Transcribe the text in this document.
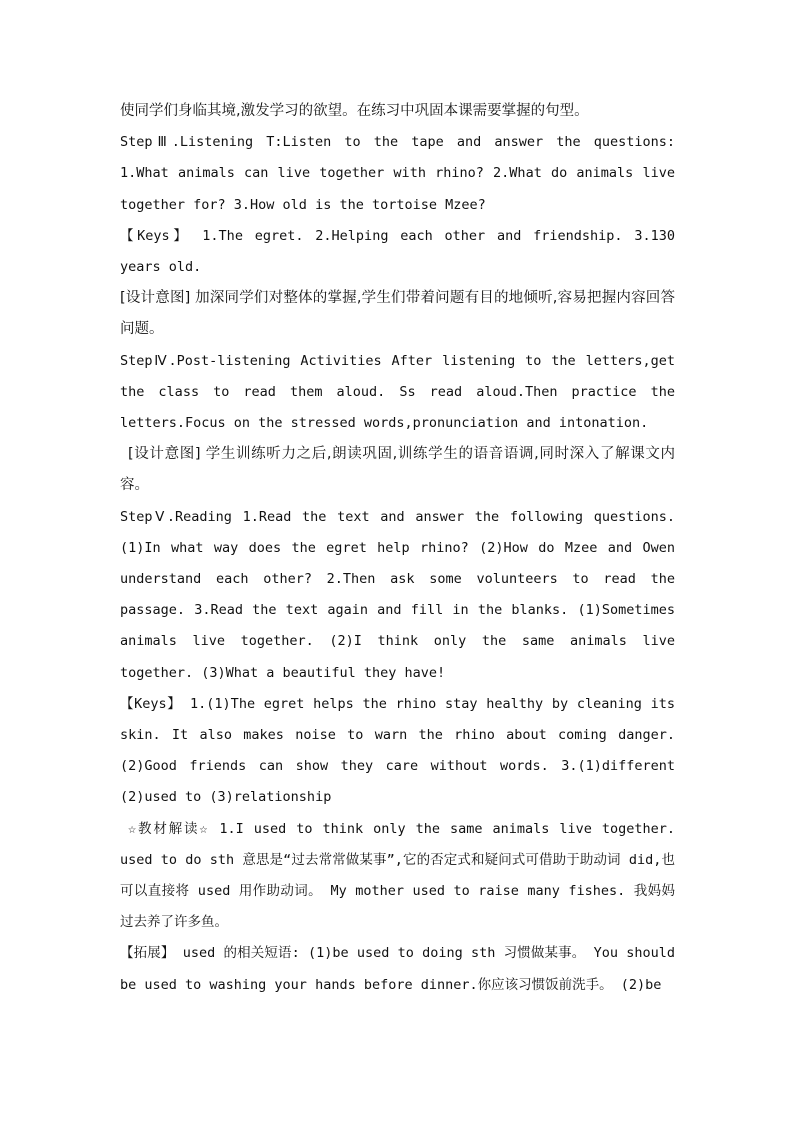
使同学们身临其境,激发学习的欲望。在练习中巩固本课需要掌握的句型。

StepⅢ.Listening T:Listen to the tape and answer the questions: 1.What animals can live together with rhino? 2.What do animals live together for? 3.How old is the tortoise Mzee?

【Keys】 1.The egret. 2.Helping each other and friendship. 3.130 years old.

[设计意图] 加深同学们对整体的掌握,学生们带着问题有目的地倾听,容易把握内容回答问题。

StepⅣ.Post-listening Activities After listening to the letters,get the class to read them aloud. Ss read aloud.Then practice the letters.Focus on the stressed words,pronunciation and intonation.

[设计意图] 学生训练听力之后,朗读巩固,训练学生的语音语调,同时深入了解课文内容。

StepⅤ.Reading 1.Read the text and answer the following questions. (1)In what way does the egret help rhino? (2)How do Mzee and Owen understand each other? 2.Then ask some volunteers to read the passage. 3.Read the text again and fill in the blanks. (1)Sometimes animals live together. (2)I think only the same animals live together. (3)What a beautiful they have!

【Keys】 1.(1)The egret helps the rhino stay healthy by cleaning its skin. It also makes noise to warn the rhino about coming danger. (2)Good friends can show they care without words. 3.(1)different (2)used to (3)relationship

☆教材解读☆ 1.I used to think only the same animals live together. used to do sth 意思是“过去常常做某事”,它的否定式和疑问式可借助于助动词 did,也可以直接将 used 用作助动词。 My mother used to raise many fishes. 我妈妈过去养了许多鱼。

【拓展】 used 的相关短语: (1)be used to doing sth 习惯做某事。 You should be used to washing your hands before dinner.你应该习惯饭前洗手。 (2)be
